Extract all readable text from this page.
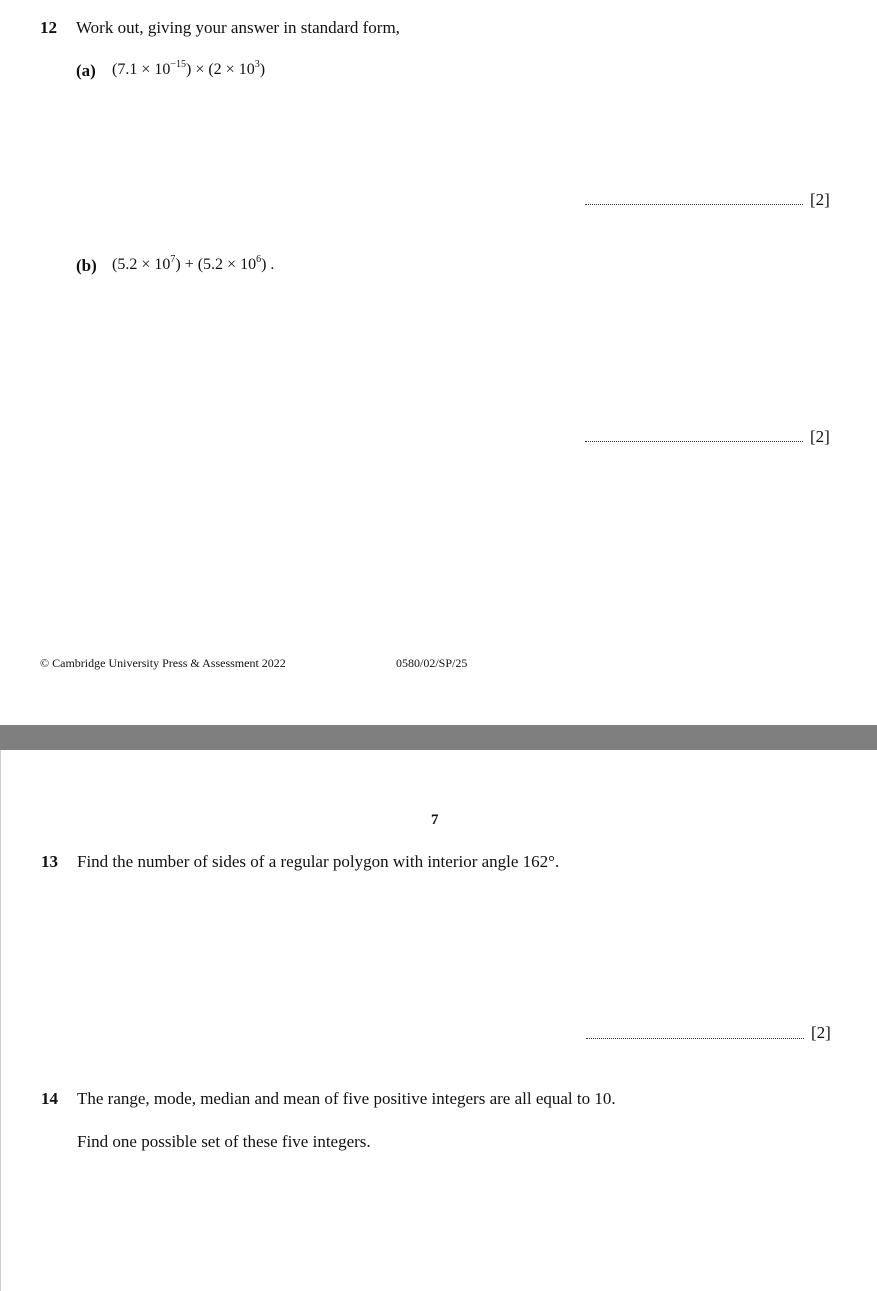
12 Work out, giving your answer in standard form,
(a) $(7.1 \times 10^{-15}) \times (2 \times 10^3)$
[2]
(b) $(5.2 \times 10^7) + (5.2 \times 10^6)$ .
[2]
© Cambridge University Press & Assessment 2022	0580/02/SP/25
7
13 Find the number of sides of a regular polygon with interior angle 162°.
[2]
14 The range, mode, median and mean of five positive integers are all equal to 10.
Find one possible set of these five integers.
